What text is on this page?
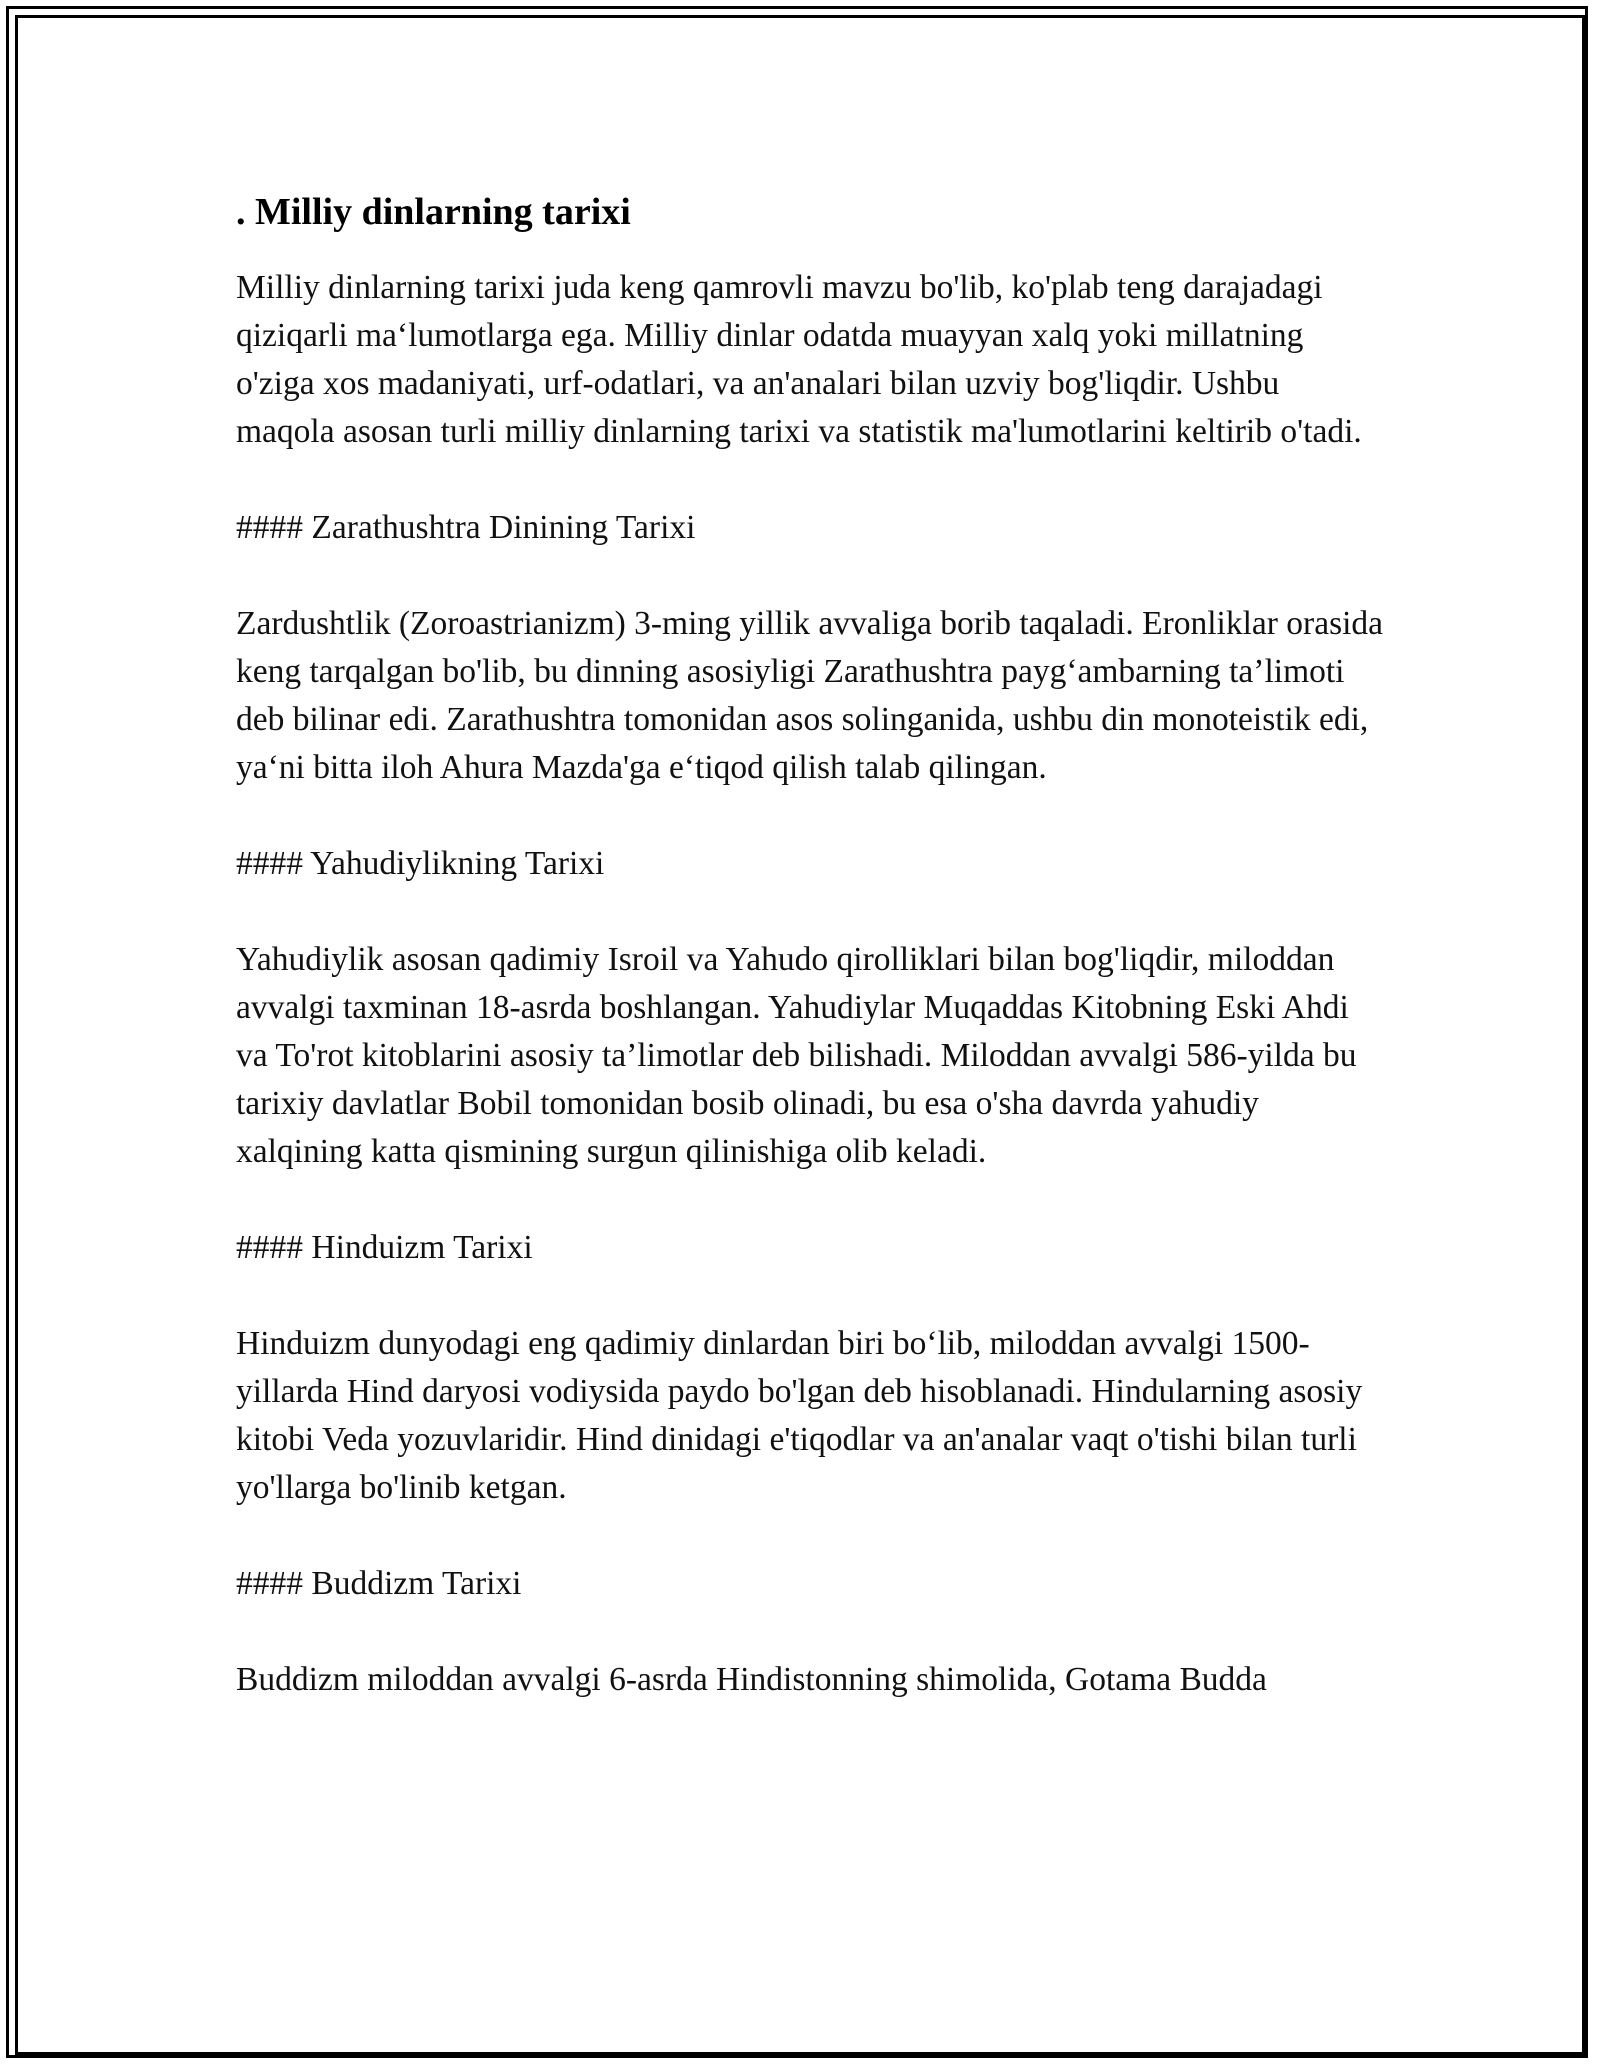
. Milliy dinlarning tarixi

Milliy dinlarning tarixi juda keng qamrovli mavzu bo'lib, ko'plab teng darajadagi qiziqarli ma‘lumotlarga ega. Milliy dinlar odatda muayyan xalq yoki millatning o'ziga xos madaniyati, urf-odatlari, va an'analari bilan uzviy bog'liqdir. Ushbu maqola asosan turli milliy dinlarning tarixi va statistik ma'lumotlarini keltirib o'tadi.

#### Zarathushtra Dinining Tarixi

Zardushtlik (Zoroastrianizm) 3-ming yillik avvaliga borib taqaladi. Eronliklar orasida keng tarqalgan bo'lib, bu dinning asosiyligi Zarathushtra payg‘ambarning ta’limoti deb bilinar edi. Zarathushtra tomonidan asos solinganida, ushbu din monoteistik edi, ya‘ni bitta iloh Ahura Mazda'ga e‘tiqod qilish talab qilingan.

#### Yahudiylikning Tarixi

Yahudiylik asosan qadimiy Isroil va Yahudo qirolliklari bilan bog'liqdir, miloddan avvalgi taxminan 18-asrda boshlangan. Yahudiylar Muqaddas Kitobning Eski Ahdi va To'rot kitoblarini asosiy ta’limotlar deb bilishadi. Miloddan avvalgi 586-yilda bu tarixiy davlatlar Bobil tomonidan bosib olinadi, bu esa o'sha davrda yahudiy xalqining katta qismining surgun qilinishiga olib keladi.

#### Hinduizm Tarixi

Hinduizm dunyodagi eng qadimiy dinlardan biri bo‘lib, miloddan avvalgi 1500-yillarda Hind daryosi vodiysida paydo bo'lgan deb hisoblanadi. Hindularning asosiy kitobi Veda yozuvlaridir. Hind dinidagi e'tiqodlar va an'analar vaqt o'tishi bilan turli yo'llarga bo'linib ketgan.

#### Buddizm Tarixi

Buddizm miloddan avvalgi 6-asrda Hindistonning shimolida, Gotama Budda
